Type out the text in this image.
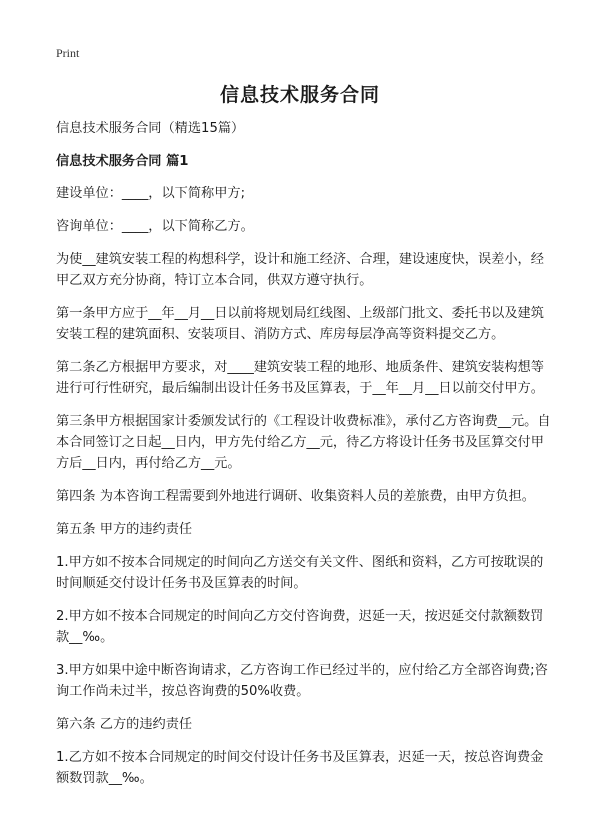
Print
信息技术服务合同

信息技术服务合同（精选15篇）

信息技术服务合同 篇1

建设单位：____，以下简称甲方;

咨询单位：____，以下简称乙方。

为使__建筑安装工程的构想科学，设计和施工经济、合理，建设速度快，误差小，经甲乙双方充分协商，特订立本合同，供双方遵守执行。

第一条甲方应于__年__月__日以前将规划局红线图、上级部门批文、委托书以及建筑安装工程的建筑面积、安装项目、消防方式、库房每层净高等资料提交乙方。

第二条乙方根据甲方要求，对____建筑安装工程的地形、地质条件、建筑安装构想等进行可行性研究，最后编制出设计任务书及匡算表，于__年__月__日以前交付甲方。

第三条甲方根据国家计委颁发试行的《工程设计收费标准》，承付乙方咨询费__元。自本合同签订之日起__日内，甲方先付给乙方__元，待乙方将设计任务书及匡算交付甲方后__日内，再付给乙方__元。

第四条 为本咨询工程需要到外地进行调研、收集资料人员的差旅费，由甲方负担。

第五条 甲方的违约责任

1.甲方如不按本合同规定的时间向乙方送交有关文件、图纸和资料，乙方可按耽误的时间顺延交付设计任务书及匡算表的时间。

2.甲方如不按本合同规定的时间向乙方交付咨询费，迟延一天，按迟延交付款额数罚款__‰。

3.甲方如果中途中断咨询请求，乙方咨询工作已经过半的，应付给乙方全部咨询费;咨询工作尚未过半，按总咨询费的50%收费。

第六条 乙方的违约责任

1.乙方如不按本合同规定的时间交付设计任务书及匡算表，迟延一天，按总咨询费金额数罚款__‰。
